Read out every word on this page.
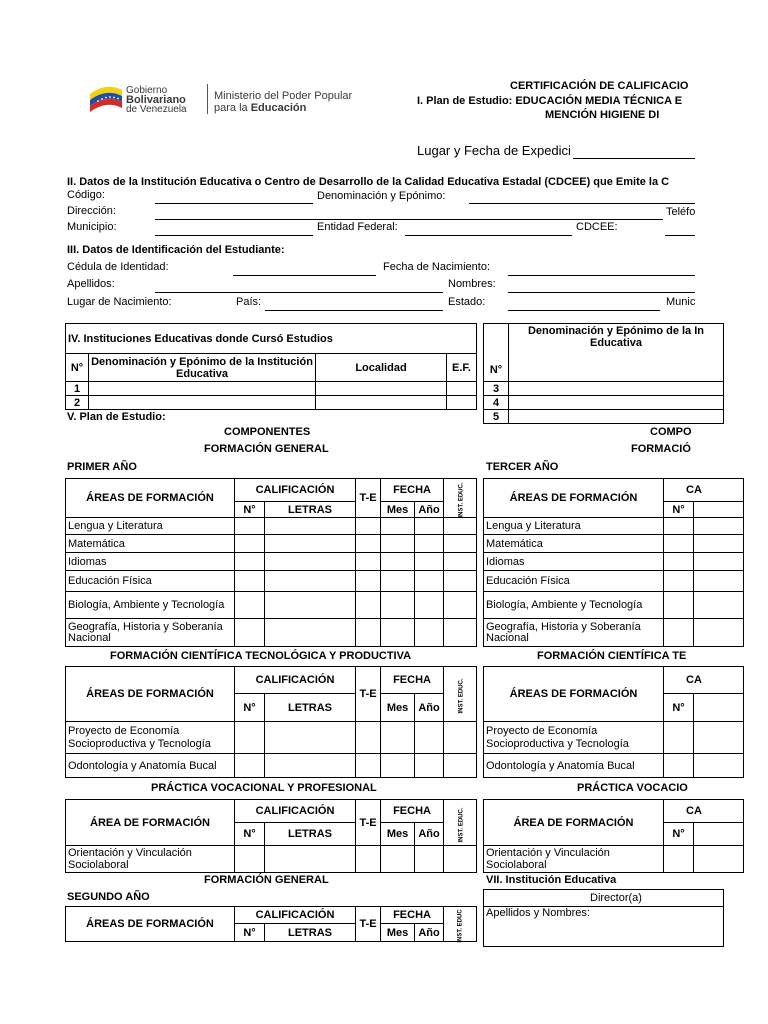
Gobierno
Bolivariano
de Venezuela
Ministerio del Poder Popular
para la Educación
CERTIFICACIÓN DE CALIFICACIO
I. Plan de Estudio: EDUCACIÓN MEDIA TÉCNICA E
MENCIÓN HIGIENE DI
Lugar y Fecha de Expedici
II. Datos de la Institución Educativa o Centro de Desarrollo de la Calidad Educativa Estadal (CDCEE) que Emite la C
Código:	Denominación y Epónimo:
Dirección:	Teléfo
Municipio:	Entidad Federal:	CDCEE:
III. Datos de Identificación del Estudiante:
Cédula de Identidad:	Fecha de Nacimiento:
Apellidos:	Nombres:
Lugar de Nacimiento:	País:	Estado:	Munic
IV. Instituciones Educativas donde Cursó Estudios			
N°	Denominación y Epónimo de la Institución Educativa	Localidad	E.F.
1			
2			
N°	Denominación y Epónimo de la In Educativa
3	
4	
5	
V. Plan de Estudio:
COMPONENTES	COMPO
FORMACIÓN GENERAL	FORMACIÓ
PRIMER AÑO	TERCER AÑO
ÁREAS DE FORMACIÓN	CALIFICACIÓN		T-E	FECHA		INST. EDUC.
	N°	LETRAS		Mes	Año	
Lengua y Literatura						
Matemática						
Idiomas						
Educación Física						
Biología, Ambiente y Tecnología						
Geografía, Historia y Soberanía Nacional						
ÁREAS DE FORMACIÓN	CA	
	N°	
Lengua y Literatura		
Matemática		
Idiomas		
Educación Física		
Biología, Ambiente y Tecnología		
Geografía, Historia y Soberanía Nacional		
FORMACIÓN CIENTÍFICA TECNOLÓGICA Y PRODUCTIVA	FORMACIÓN CIENTÍFICA TE
ÁREAS DE FORMACIÓN	CALIFICACIÓN		T-E	FECHA		INST. EDUC.
	N°	LETRAS		Mes	Año	
Proyecto de Economía Socioproductiva y Tecnología						
Odontología y Anatomía Bucal						
ÁREAS DE FORMACIÓN	CA	
	N°	
Proyecto de Economía Socioproductiva y Tecnología		
Odontología y Anatomía Bucal		
PRÁCTICA VOCACIONAL Y PROFESIONAL	PRÁCTICA VOCACIO
ÁREA DE FORMACIÓN	CALIFICACIÓN		T-E	FECHA		INST. EDUC.
	N°	LETRAS		Mes	Año	
Orientación y Vinculación Sociolaboral						
ÁREA DE FORMACIÓN	CA	
	N°	
Orientación y Vinculación Sociolaboral		
FORMACIÓN GENERAL
SEGUNDO AÑO
ÁREAS DE FORMACIÓN	CALIFICACIÓN		T-E	FECHA		INST. EDUC
	N°	LETRAS		Mes	Año	
VII. Institución Educativa
Director(a)
Apellidos y Nombres:
